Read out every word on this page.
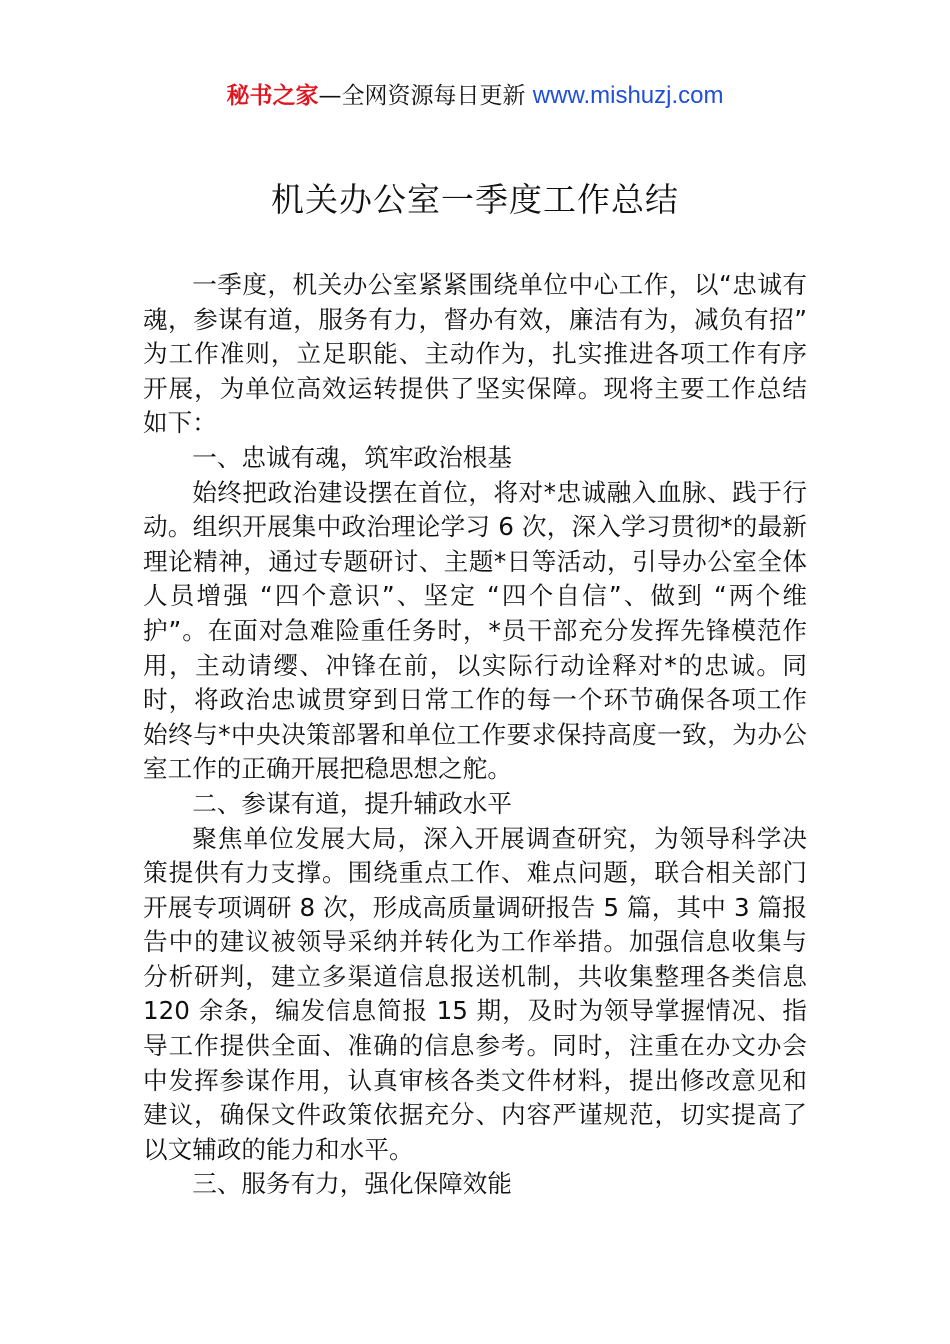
秘书之家—全网资源每日更新 www.mishuzj.com
机关办公室一季度工作总结

一季度，机关办公室紧紧围绕单位中心工作，以“忠诚有魂，参谋有道，服务有力，督办有效，廉洁有为，减负有招” 为工作准则，立足职能、主动作为，扎实推进各项工作有序开展，为单位高效运转提供了坚实保障。现将主要工作总结如下：

一、忠诚有魂，筑牢政治根基

始终把政治建设摆在首位，将对*忠诚融入血脉、践于行动。组织开展集中政治理论学习 6 次，深入学习贯彻*的最新理论精神，通过专题研讨、主题*日等活动，引导办公室全体人员增强 “四个意识”、坚定 “四个自信”、做到 “两个维护”。在面对急难险重任务时，*员干部充分发挥先锋模范作用，主动请缨、冲锋在前，以实际行动诠释对*的忠诚。同时，将政治忠诚贯穿到日常工作的每一个环节确保各项工作始终与*中央决策部署和单位工作要求保持高度一致，为办公室工作的正确开展把稳思想之舵。

二、参谋有道，提升辅政水平

聚焦单位发展大局，深入开展调查研究，为领导科学决策提供有力支撑。围绕重点工作、难点问题，联合相关部门开展专项调研 8 次，形成高质量调研报告 5 篇，其中 3 篇报告中的建议被领导采纳并转化为工作举措。加强信息收集与分析研判，建立多渠道信息报送机制，共收集整理各类信息 120 余条，编发信息简报 15 期，及时为领导掌握情况、指导工作提供全面、准确的信息参考。同时，注重在办文办会中发挥参谋作用，认真审核各类文件材料，提出修改意见和建议，确保文件政策依据充分、内容严谨规范，切实提高了以文辅政的能力和水平。

三、服务有力，强化保障效能
